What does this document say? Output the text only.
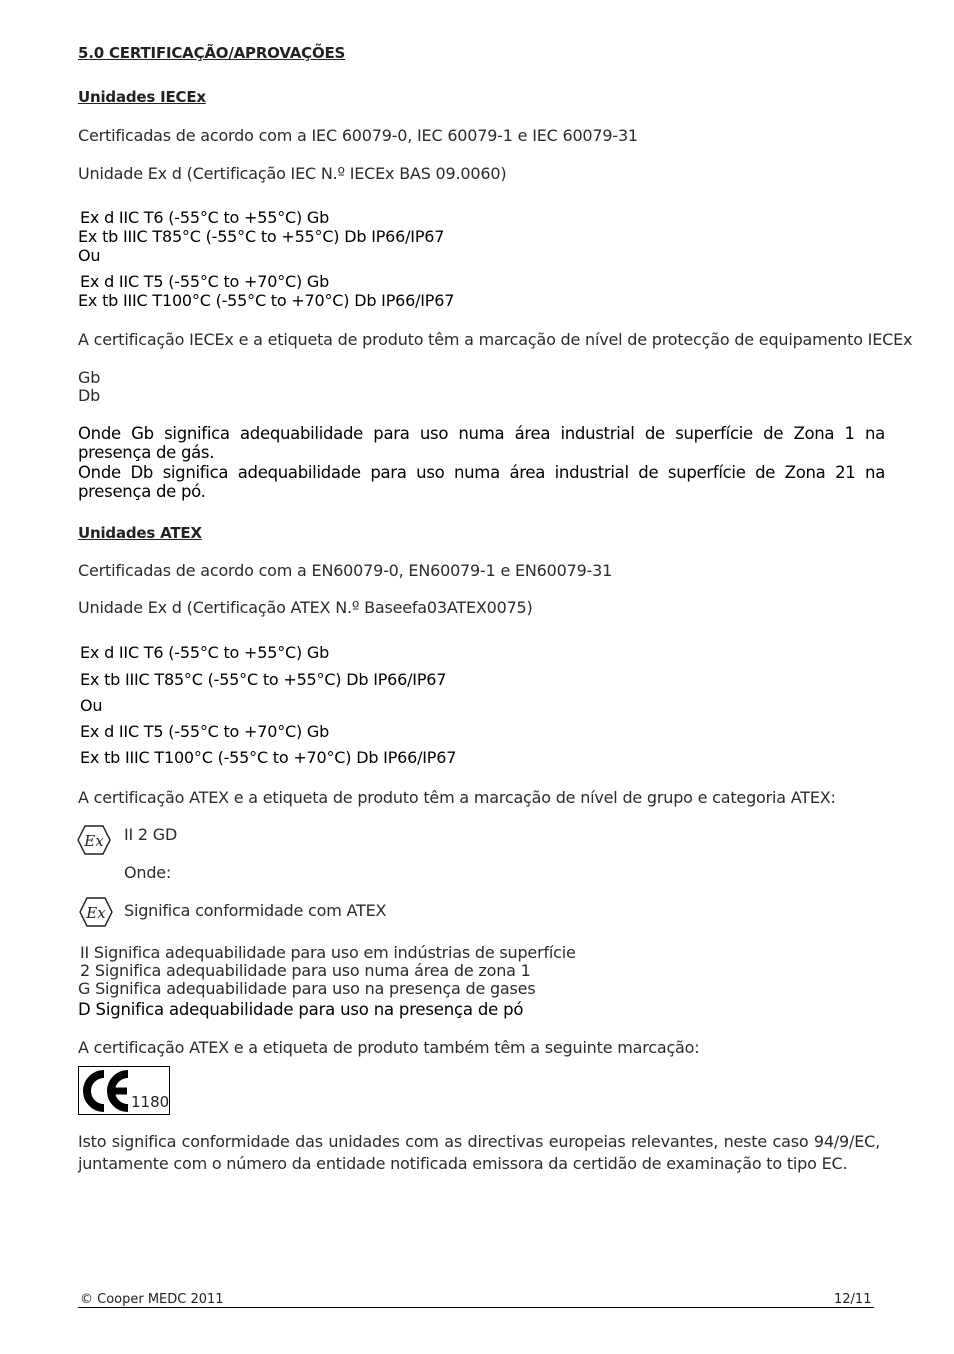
5.0 CERTIFICAÇÃO/APROVAÇÕES
Unidades IECEx
Certificadas de acordo com a IEC 60079-0, IEC 60079-1 e IEC 60079-31
Unidade Ex d (Certificação IEC N.º IECEx BAS 09.0060)
Ex d IIC T6 (-55°C to +55°C) Gb
Ex tb IIIC T85°C (-55°C to +55°C) Db IP66/IP67
Ou
Ex d IIC T5 (-55°C to +70°C) Gb
Ex tb IIIC T100°C (-55°C to +70°C) Db IP66/IP67
A certificação IECEx e a etiqueta de produto têm a marcação de nível de protecção de equipamento IECEx
Gb
Db
Onde Gb significa adequabilidade para uso numa área industrial de superfície de Zona 1 na presença de gás.
Onde Db significa adequabilidade para uso numa área industrial de superfície de Zona 21 na presença de pó.
Unidades ATEX
Certificadas de acordo com a EN60079-0, EN60079-1 e EN60079-31
Unidade Ex d (Certificação ATEX N.º Baseefa03ATEX0075)
Ex d IIC T6 (-55°C to +55°C) Gb
Ex tb IIIC T85°C (-55°C to +55°C) Db IP66/IP67
Ou
Ex d IIC T5 (-55°C to +70°C) Gb
Ex tb IIIC T100°C (-55°C to +70°C) Db IP66/IP67
A certificação ATEX e a etiqueta de produto têm a marcação de nível de grupo e categoria ATEX:
Ex II 2 GD
Onde:
Ex Significa conformidade com ATEX
II Significa adequabilidade para uso em indústrias de superfície
2 Significa adequabilidade para uso numa área de zona 1
G Significa adequabilidade para uso na presença de gases
D Significa adequabilidade para uso na presença de pó
A certificação ATEX e a etiqueta de produto também têm a seguinte marcação:
1180
Isto significa conformidade das unidades com as directivas europeias relevantes, neste caso 94/9/EC, juntamente com o número da entidade notificada emissora da certidão de examinação to tipo EC.
© Cooper MEDC 2011	12/11
